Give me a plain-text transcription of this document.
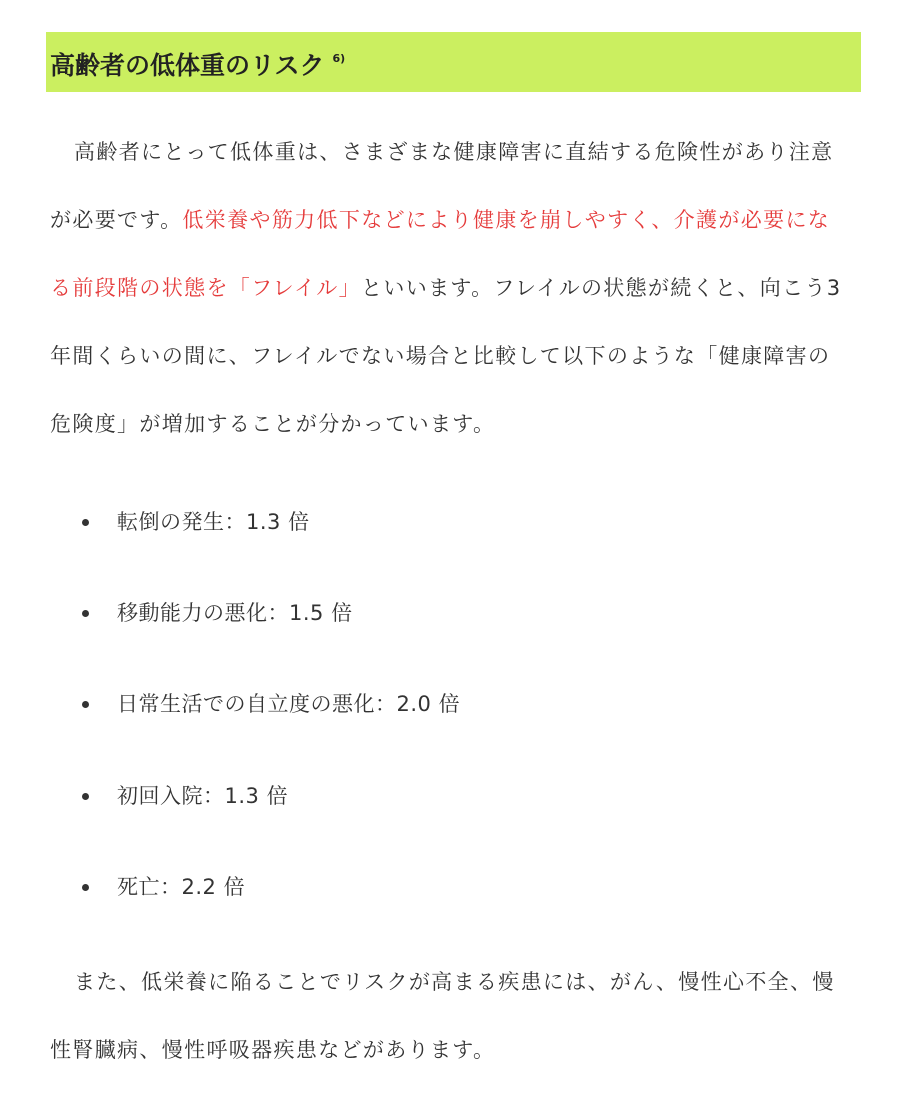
高齢者の低体重のリスク $^{6)}$

高齢者にとって低体重は、さまざまな健康障害に直結する危険性があり注意が必要です。低栄養や筋力低下などにより健康を崩しやすく、介護が必要になる前段階の状態を「フレイル」といいます。フレイルの状態が続くと、向こう3年間くらいの間に、フレイルでない場合と比較して以下のような「健康障害の危険度」が増加することが分かっています。

転倒の発生：1.3 倍
移動能力の悪化：1.5 倍
日常生活での自立度の悪化：2.0 倍
初回入院：1.3 倍
死亡：2.2 倍

また、低栄養に陥ることでリスクが高まる疾患には、がん、慢性心不全、慢性腎臓病、慢性呼吸器疾患などがあります。
